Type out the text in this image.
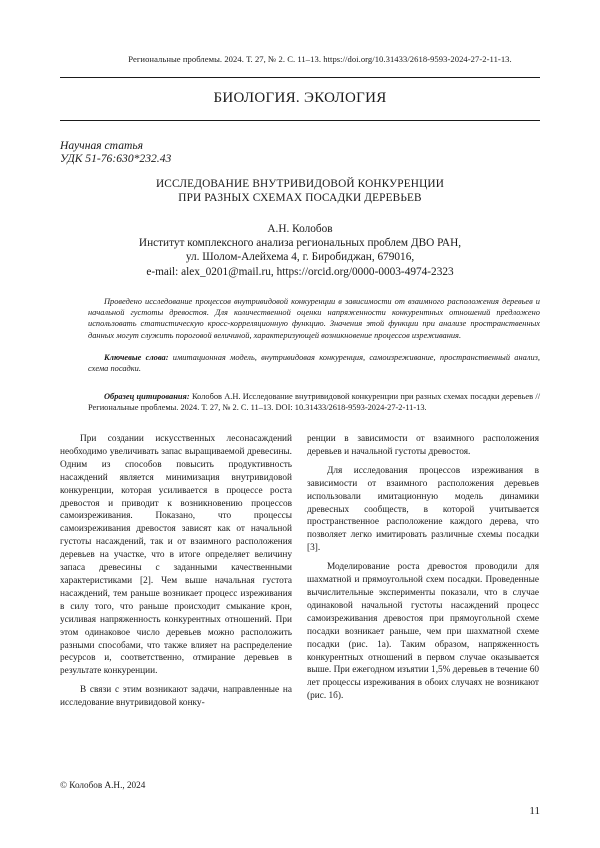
Региональные проблемы. 2024. Т. 27, № 2. С. 11–13. https://doi.org/10.31433/2618-9593-2024-27-2-11-13.
БИОЛОГИЯ. ЭКОЛОГИЯ
Научная статья
УДК 51-76:630*232.43
ИССЛЕДОВАНИЕ ВНУТРИВИДОВОЙ КОНКУРЕНЦИИ
ПРИ РАЗНЫХ СХЕМАХ ПОСАДКИ ДЕРЕВЬЕВ
А.Н. Колобов
Институт комплексного анализа региональных проблем ДВО РАН,
ул. Шолом-Алейхема 4, г. Биробиджан, 679016,
e-mail: alex_0201@mail.ru, https://orcid.org/0000-0003-4974-2323

Проведено исследование процессов внутривидовой конкуренции в зависимости от взаимного расположения деревьев и начальной густоты древостоя. Для количественной оценки напряженности конкурентных отношений предложено использовать статистическую кросс-корреляционную функцию. Значения этой функции при анализе пространственных данных могут служить пороговой величиной, характеризующей возникновение процессов изреживания.

Ключевые слова: имитационная модель, внутривидовая конкуренция, самоизреживание, пространственный анализ, схема посадки.

Образец цитирования: Колобов А.Н. Исследование внутривидовой конкуренции при разных схемах посадки деревьев // Региональные проблемы. 2024. Т. 27, № 2. С. 11–13. DOI: 10.31433/2618-9593-2024-27-2-11-13.

При создании искусственных лесонасаждений необходимо увеличивать запас выращиваемой древесины. Одним из способов повысить продуктивность насаждений является минимизация внутривидовой конкуренции, которая усиливается в процессе роста древостоя и приводит к возникновению процессов самоизреживания. Показано, что процессы самоизреживания древостоя зависят как от начальной густоты насаждений, так и от взаимного расположения деревьев на участке, что в итоге определяет величину запаса древесины с заданными качественными характеристиками [2]. Чем выше начальная густота насаждений, тем раньше возникает процесс изреживания в силу того, что раньше происходит смыкание крон, усиливая напряженность конкурентных отношений. При этом одинаковое число деревьев можно расположить разными способами, что также влияет на распределение ресурсов и, соответственно, отмирание деревьев в результате конкуренции.

В связи с этим возникают задачи, направленные на исследование внутривидовой конку-

ренции в зависимости от взаимного расположения деревьев и начальной густоты древостоя.

Для исследования процессов изреживания в зависимости от взаимного расположения деревьев использовали имитационную модель динамики древесных сообществ, в которой учитывается пространственное расположение каждого дерева, что позволяет легко имитировать различные схемы посадки [3].

Моделирование роста древостоя проводили для шахматной и прямоугольной схем посадки. Проведенные вычислительные эксперименты показали, что в случае одинаковой начальной густоты насаждений процесс самоизреживания древостоя при прямоугольной схеме посадки возникает раньше, чем при шахматной схеме посадки (рис. 1а). Таким образом, напряженность конкурентных отношений в первом случае оказывается выше. При ежегодном изъятии 1,5% деревьев в течение 60 лет процессы изреживания в обоих случаях не возникают (рис. 1б).

© Колобов А.Н., 2024
11
